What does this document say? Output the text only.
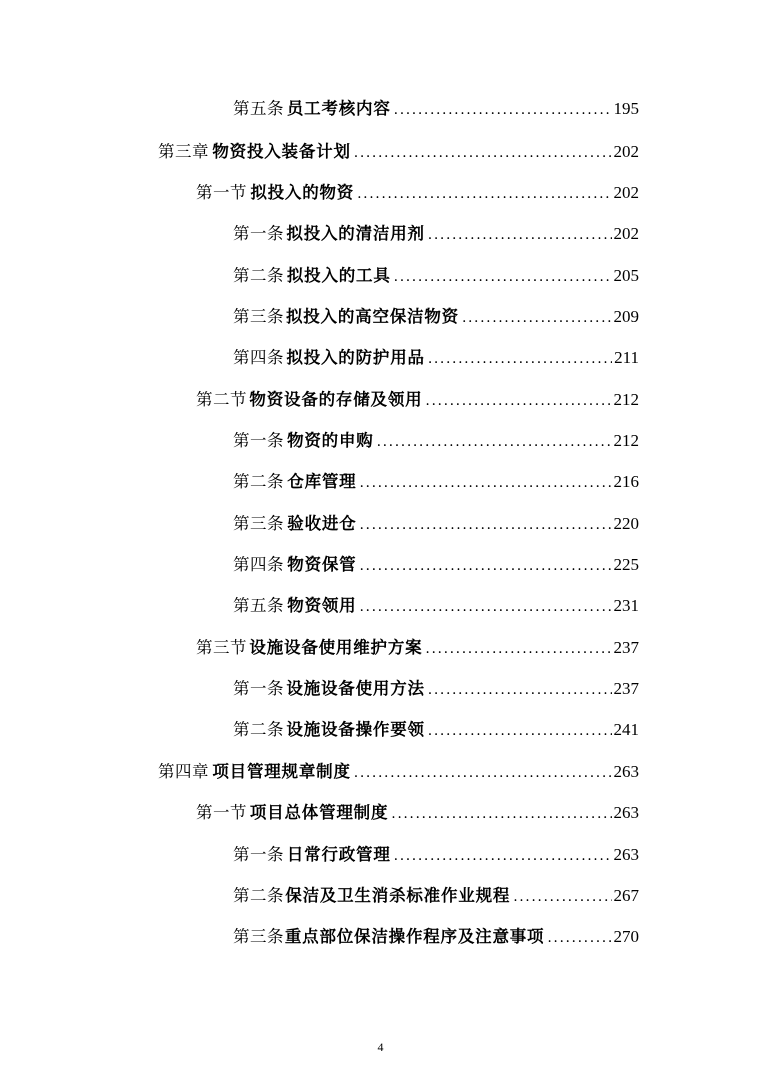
第五条 员工考核内容 .....	195
第三章 物资投入装备计划 .....	202
第一节 拟投入的物资 .....	202
第一条 拟投入的清洁用剂 .....	202
第二条 拟投入的工具 .....	205
第三条 拟投入的高空保洁物资 .....	209
第四条 拟投入的防护用品 .....	211
第二节 物资设备的存储及领用 .....	212
第一条 物资的申购 .....	212
第二条 仓库管理 .....	216
第三条 验收进仓 .....	220
第四条 物资保管 .....	225
第五条 物资领用 .....	231
第三节 设施设备使用维护方案 .....	237
第一条 设施设备使用方法 .....	237
第二条 设施设备操作要领 .....	241
第四章 项目管理规章制度 .....	263
第一节 项目总体管理制度 .....	263
第一条 日常行政管理 .....	263
第二条 保洁及卫生消杀标准作业规程 .....	267
第三条 重点部位保洁操作程序及注意事项 .....	270
4
